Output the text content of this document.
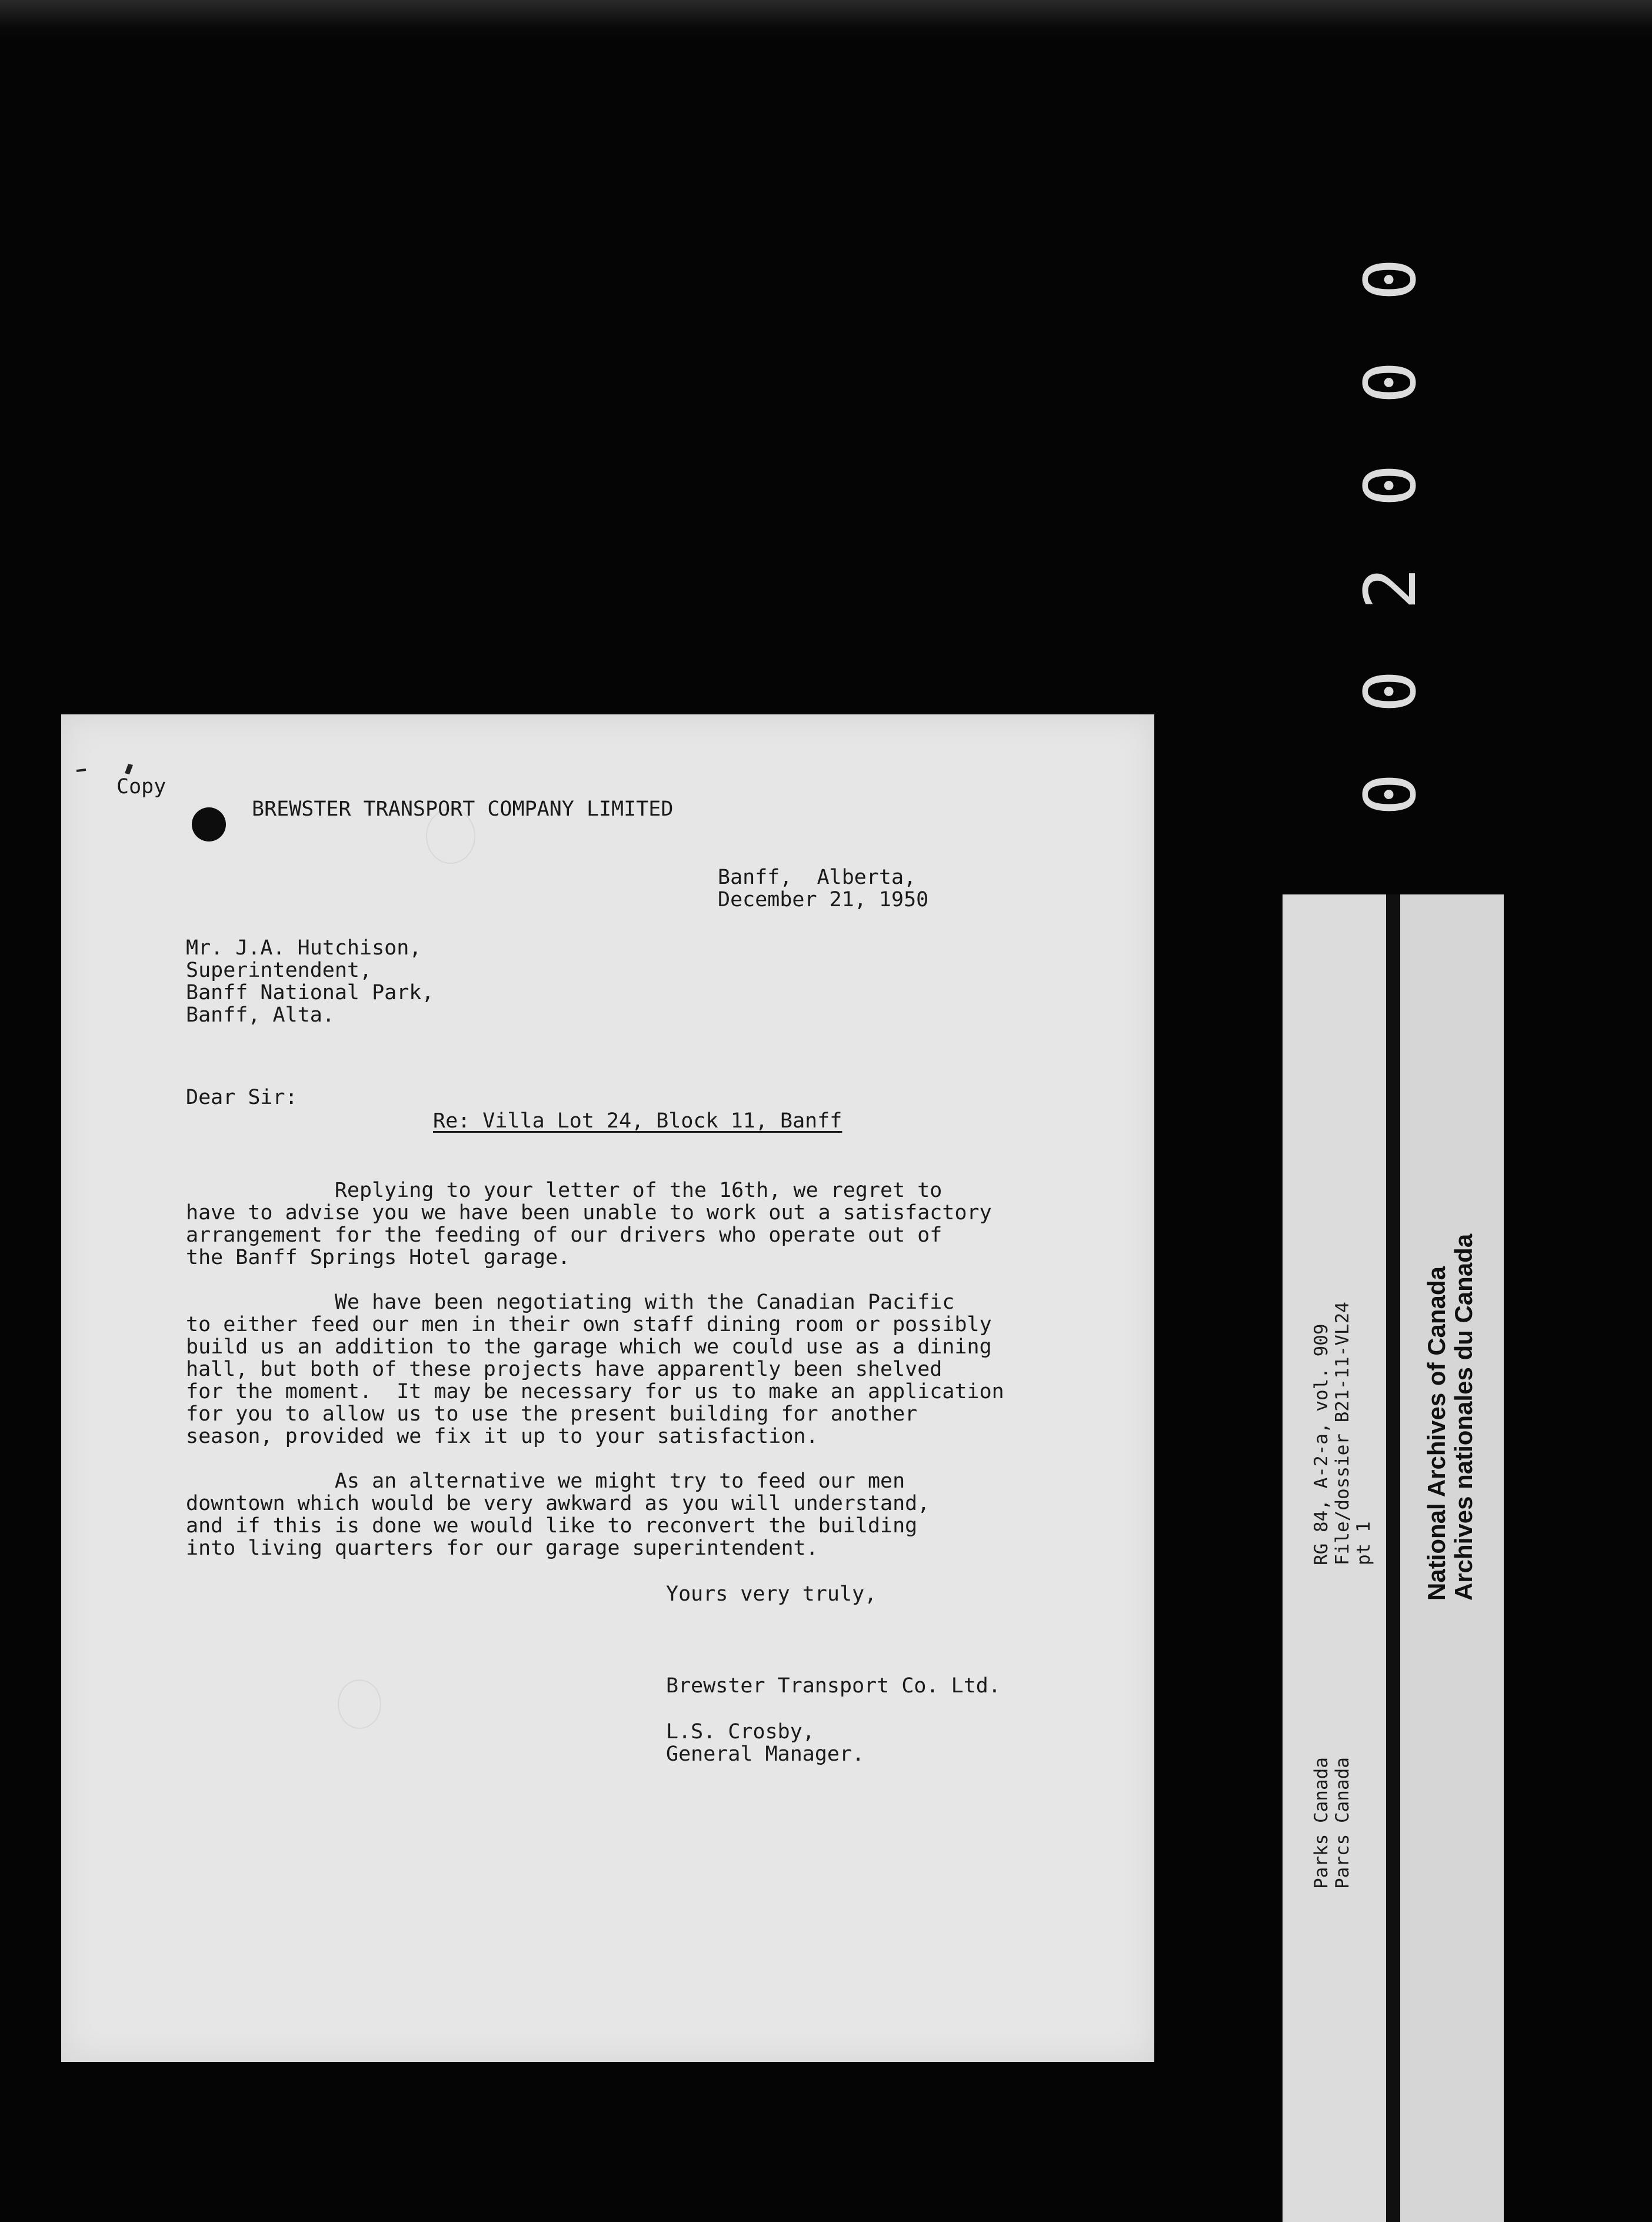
0
0
0
2
0
0
Copy
BREWSTER TRANSPORT COMPANY LIMITED
Banff,  Alberta,
December 21, 1950
Mr. J.A. Hutchison,
Superintendent,
Banff National Park,
Banff, Alta.
Dear Sir:
Re: Villa Lot 24, Block 11, Banff
Replying to your letter of the 16th, we regret to
have to advise you we have been unable to work out a satisfactory
arrangement for the feeding of our drivers who operate out of
the Banff Springs Hotel garage.
We have been negotiating with the Canadian Pacific
to either feed our men in their own staff dining room or possibly
build us an addition to the garage which we could use as a dining
hall, but both of these projects have apparently been shelved
for the moment.  It may be necessary for us to make an application
for you to allow us to use the present building for another
season, provided we fix it up to your satisfaction.
As an alternative we might try to feed our men
downtown which would be very awkward as you will understand,
and if this is done we would like to reconvert the building
into living quarters for our garage superintendent.
Yours very truly,
Brewster Transport Co. Ltd.
L.S. Crosby,
General Manager.
RG 84, A-2-a, vol. 909 File/dossier B21-11-VL24 pt 1
Parks Canada Parcs Canada
National Archives of Canada Archives nationales du Canada
